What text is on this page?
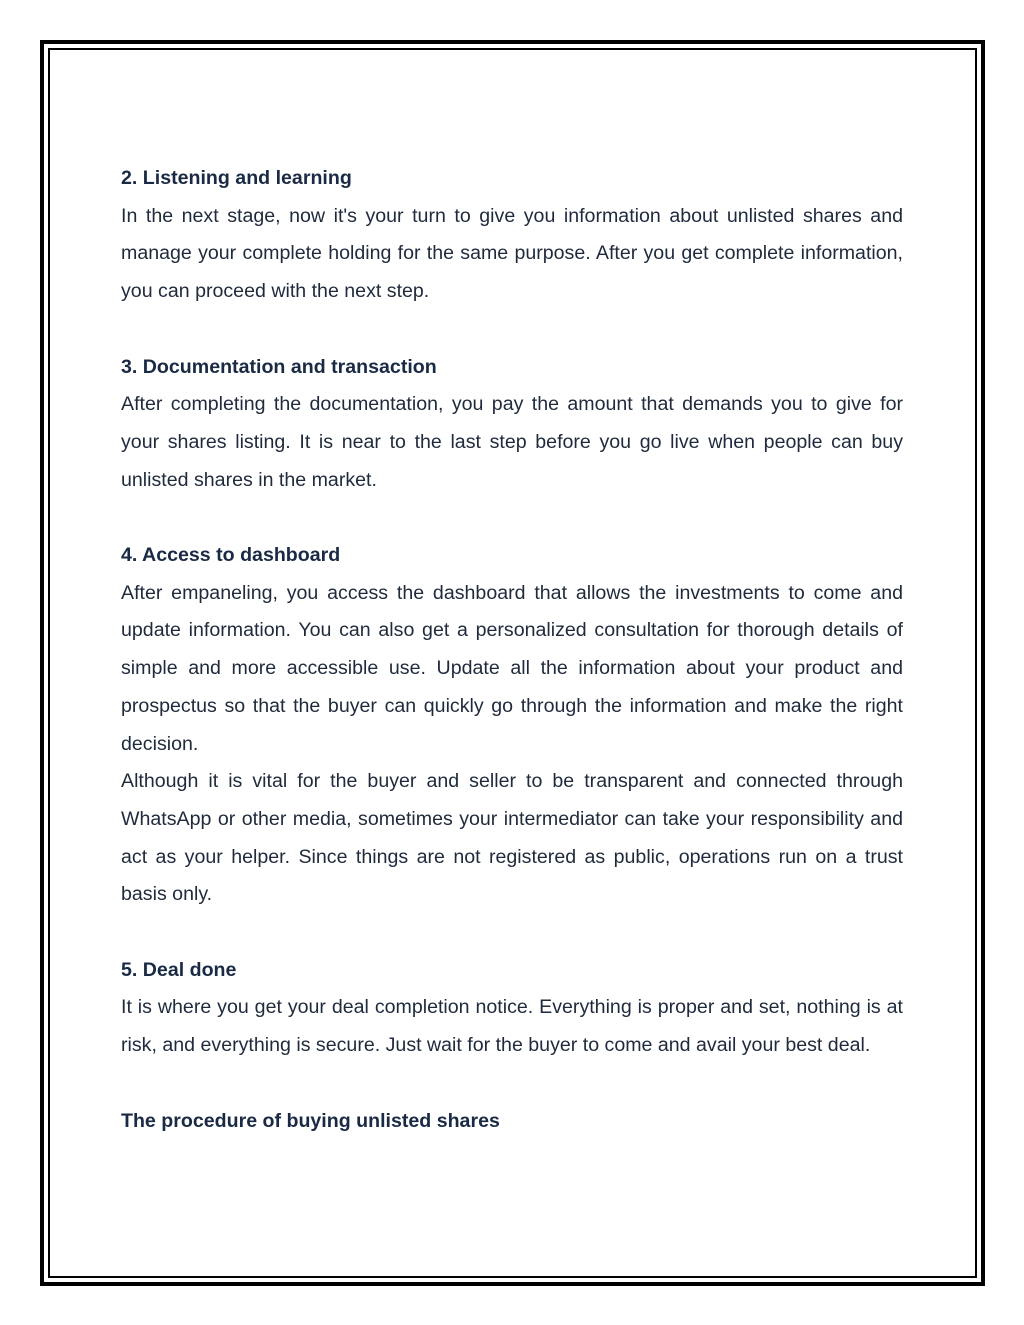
2. Listening and learning

In the next stage, now it's your turn to give you information about unlisted shares and manage your complete holding for the same purpose. After you get complete information, you can proceed with the next step.

3. Documentation and transaction

After completing the documentation, you pay the amount that demands you to give for your shares listing. It is near to the last step before you go live when people can buy unlisted shares in the market.

4. Access to dashboard

After empaneling, you access the dashboard that allows the investments to come and update information. You can also get a personalized consultation for thorough details of simple and more accessible use. Update all the information about your product and prospectus so that the buyer can quickly go through the information and make the right decision.

Although it is vital for the buyer and seller to be transparent and connected through WhatsApp or other media, sometimes your intermediator can take your responsibility and act as your helper. Since things are not registered as public, operations run on a trust basis only.

5. Deal done

It is where you get your deal completion notice. Everything is proper and set, nothing is at risk, and everything is secure. Just wait for the buyer to come and avail your best deal.

The procedure of buying unlisted shares
